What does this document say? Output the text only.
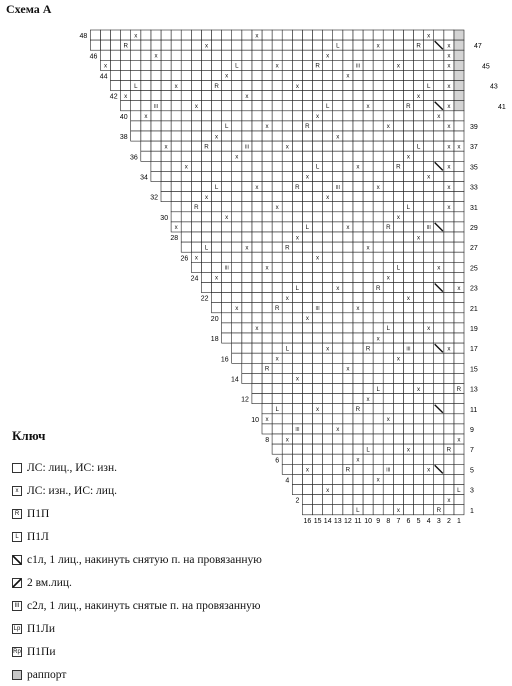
Схема А
x
x
x
x
R
x
L
x
R
x
x
x
x
x
III
R
x
L
x
x
x
x
L
x
R
x
L
x
x
x
x
R
x
L
x
III
x
x
x
x
x
R
x
L
x
x
x
x
L
x
III
R
x
x
x
x
R
x
L
x
x
x
x
x
III
R
x
L
x
x
x
L
x
R
x
x
III
R
x
L
x
x
x
x
R
x
L
x
x
x
L
x
III
x
x
x
R
x
L
x
x
x
III
R
x
x
x
L
x
x
x
III
R
x
L
x
x
x
R
x
R
x
L
x
R
x
L
x
x
x
III
x
x
R
x
L
x
x
III
R
x
x
L
x
x
R
x
L
48
46
44
42
40
38
36
34
32
30
28
26
24
22
20
18
16
14
12
10
8
6
4
2
47
45
43
41
39
37
35
33
31
29
27
25
23
21
19
17
15
13
11
9
7
5
3
1
16 15 14 13 12 11 10 9 8 7 6 5 4 3 2 1
Ключ
ЛС: лиц., ИС: изн.
x ЛС: изн., ИС: лиц.
R П1П
L П1Л
с1л, 1 лиц., накинуть снятую п. на провязанную
2 вм.лиц.
III с2л, 1 лиц., накинуть снятые п. на провязанную
Lp П1Ли
Rp П1Пи
раппорт
